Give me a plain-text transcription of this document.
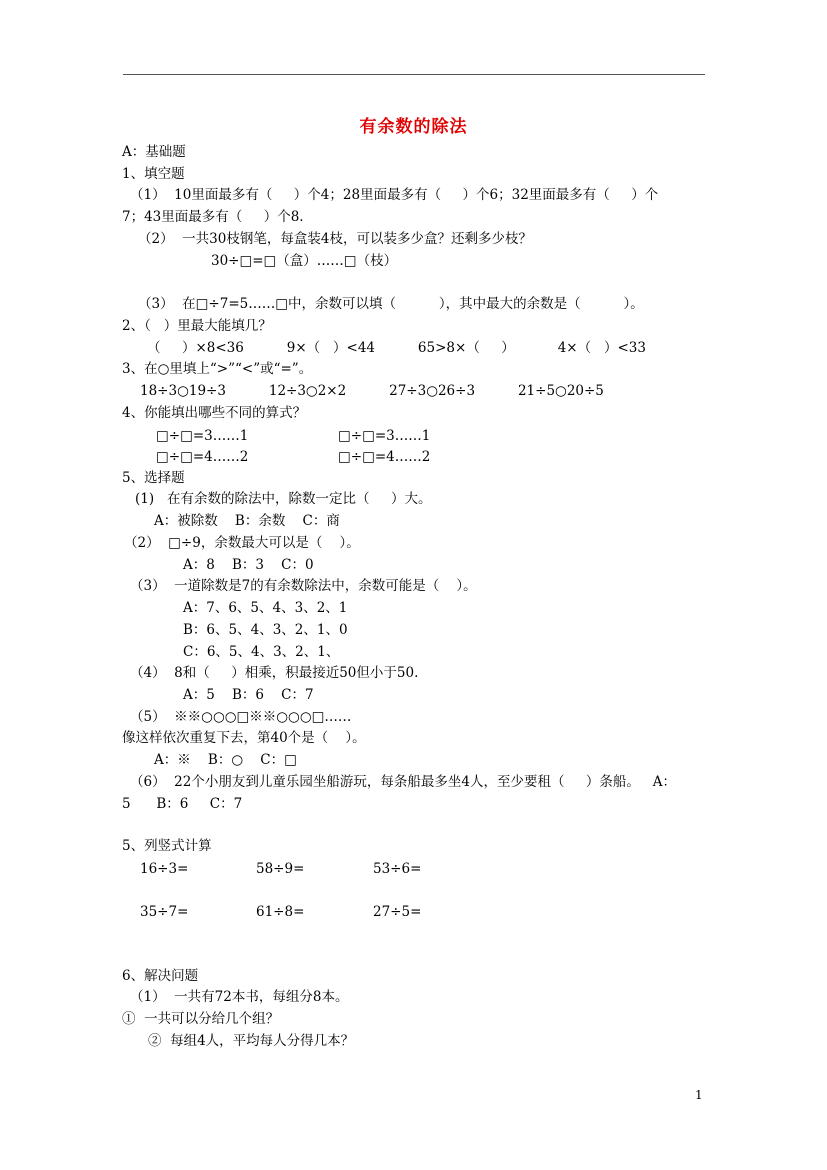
有余数的除法
A：基础题
1、填空题
（1）  10里面最多有（     ）个4；28里面最多有（     ）个6；32里面最多有（     ）个
7；43里面最多有（     ）个8.
（2）  一共30枝钢笔，每盒装4枝，可以装多少盒？还剩多少枝？
30÷□=□（盒）……□（枝）
（3）  在□÷7=5……□中，余数可以填（          ），其中最大的余数是（          ）。
2、（   ）里最大能填几？
（     ）×8<36          9×（   ）<44          65>8×（     ）          4×（   ）<33
3、在○里填上“>”“<”或“=”。
18÷3○19÷3          12÷3○2×2          27÷3○26÷3          21÷5○20÷5
4、你能填出哪些不同的算式？
□÷□=3……1	□÷□=3……1
□÷□=4……2	□÷□=4……2
5、选择题
(1)   在有余数的除法中，除数一定比（     ）大。
A：被除数    B：余数    C：商
（2）  □÷9，余数最大可以是（    ）。
A：8    B：3    C：0
（3）  一道除数是7的有余数除法中，余数可能是（    ）。
A：7、6、5、4、3、2、1
B：6、5、4、3、2、1、0
C：6、5、4、3、2、1、
（4）  8和（     ）相乘，积最接近50但小于50.
A：5    B：6    C：7
（5）  ※※○○○□※※○○○□……
像这样依次重复下去，第40个是（    ）。
A：※    B：○    C：□
（6）  22个小朋友到儿童乐园坐船游玩，每条船最多坐4人，至少要租（     ）条船。   A：
5      B：6     C：7
5、列竖式计算
16÷3=	58÷9=	53÷6=
35÷7=	61÷8=	27÷5=
6、解决问题
（1）  一共有72本书，每组分8本。
①  一共可以分给几个组？
②  每组4人，平均每人分得几本？
1
